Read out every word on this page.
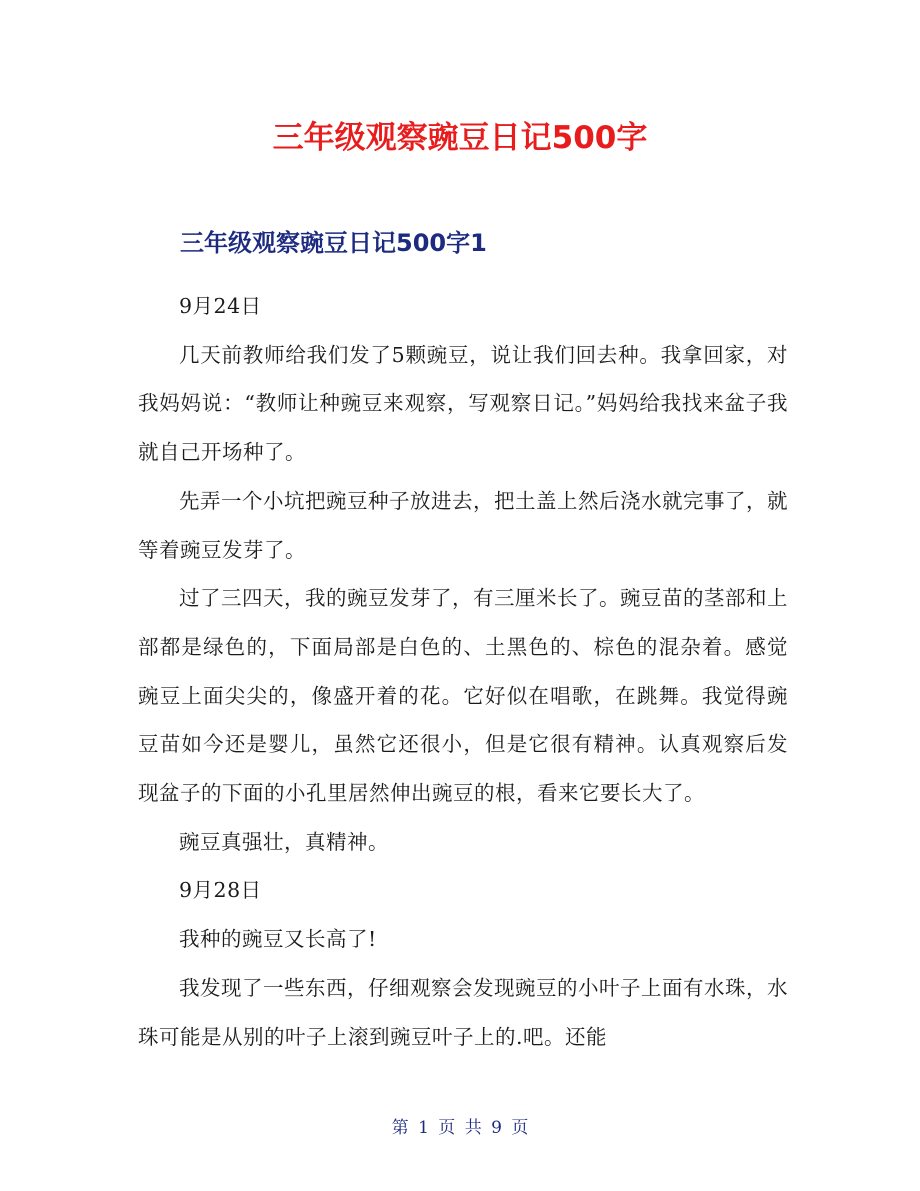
三年级观察豌豆日记500字
三年级观察豌豆日记500字1

9月24日

几天前教师给我们发了5颗豌豆，说让我们回去种。我拿回家，对我妈妈说：“教师让种豌豆来观察，写观察日记。”妈妈给我找来盆子我就自己开场种了。

先弄一个小坑把豌豆种子放进去，把土盖上然后浇水就完事了，就等着豌豆发芽了。

过了三四天，我的豌豆发芽了，有三厘米长了。豌豆苗的茎部和上部都是绿色的，下面局部是白色的、土黑色的、棕色的混杂着。感觉豌豆上面尖尖的，像盛开着的花。它好似在唱歌，在跳舞。我觉得豌豆苗如今还是婴儿，虽然它还很小，但是它很有精神。认真观察后发现盆子的下面的小孔里居然伸出豌豆的根，看来它要长大了。

豌豆真强壮，真精神。

9月28日

我种的豌豆又长高了!

我发现了一些东西，仔细观察会发现豌豆的小叶子上面有水珠，水珠可能是从别的叶子上滚到豌豆叶子上的.吧。还能

第 1 页 共 9 页
